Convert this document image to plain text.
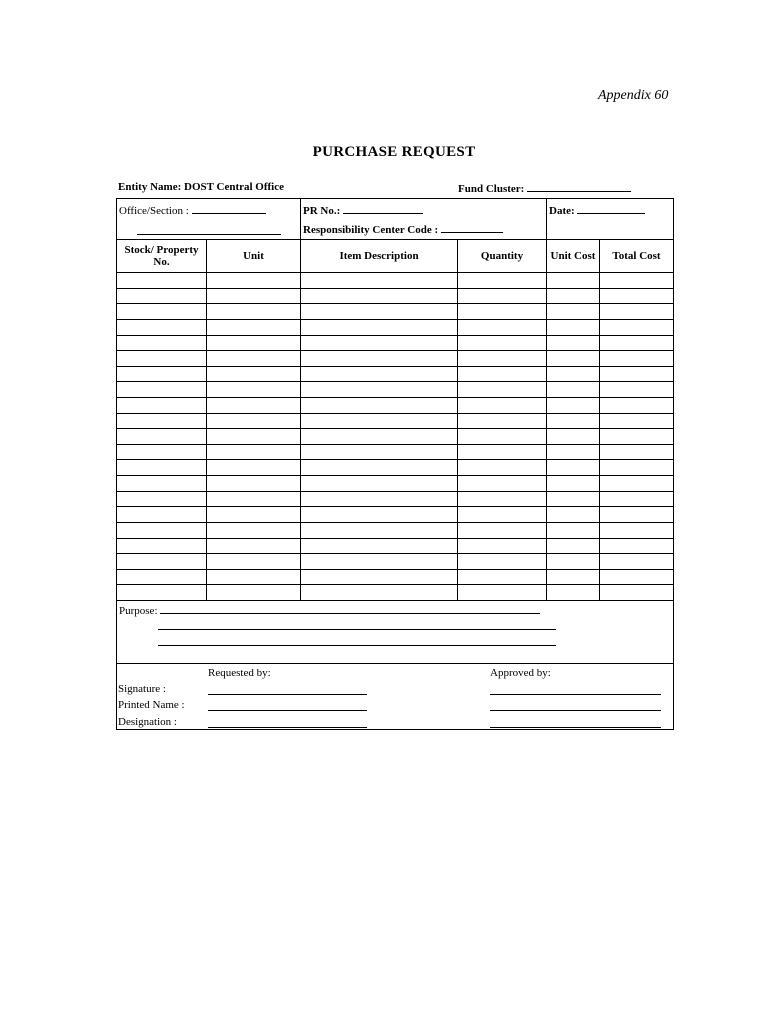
Appendix 60
PURCHASE REQUEST
Entity Name: DOST Central Office	Fund Cluster:
Office/Section :	PR No.:
Responsibility Center Code :
Date:
Stock/ Property No.	Unit	Item Description	Quantity	Unit Cost	Total Cost
Purpose:
Requested by:	Approved by:
Signature :
Printed Name :
Designation :
